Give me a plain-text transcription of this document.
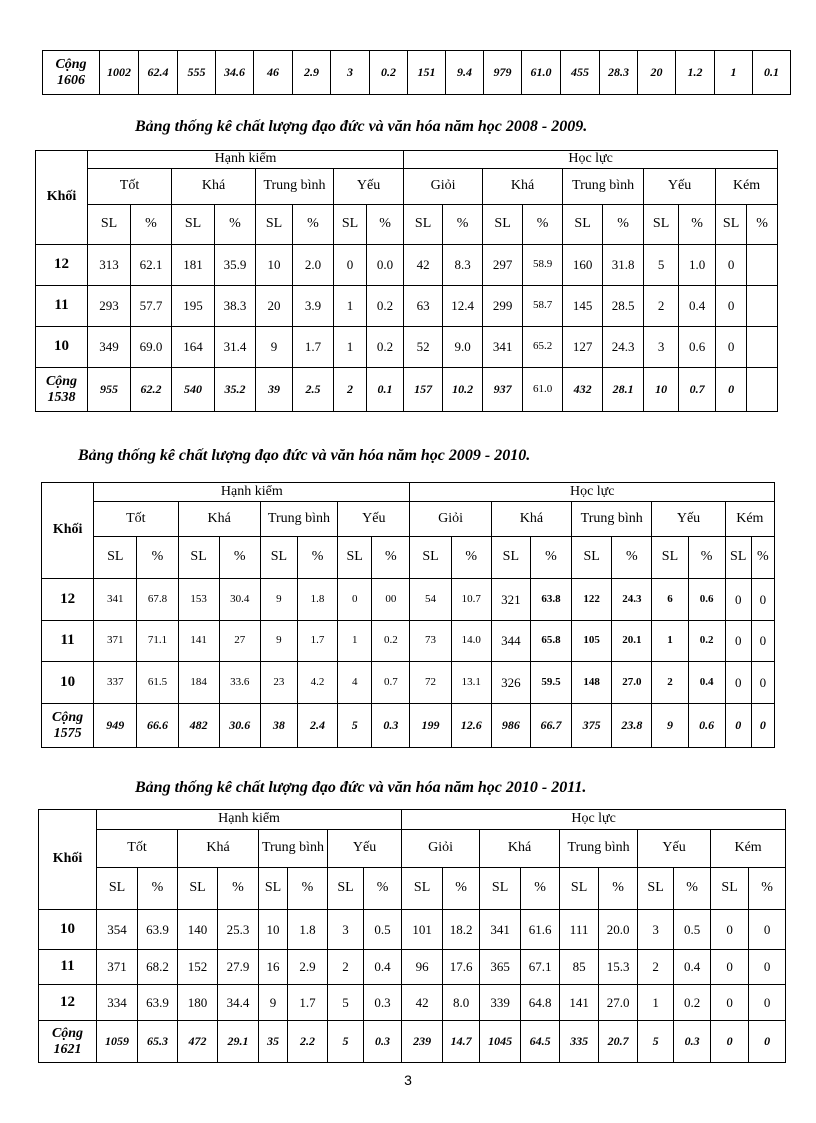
Cộng 1606	1002	62.4	555	34.6	46	2.9	3	0.2	151	9.4	979	61.0	455	28.3	20	1.2	1	0.1
Bảng thống kê chất lượng đạo đức và văn hóa năm học 2008 - 2009.
Khối	Hạnh kiểm								Học lực									
	Tốt		Khá		Trung bình		Yếu		Giỏi		Khá		Trung bình		Yếu		Kém	
	SL	%	SL	%	SL	%	SL	%	SL	%	SL	%	SL	%	SL	%	SL	%
12	313	62.1	181	35.9	10	2.0	0	0.0	42	8.3	297	58.9	160	31.8	5	1.0	0	
11	293	57.7	195	38.3	20	3.9	1	0.2	63	12.4	299	58.7	145	28.5	2	0.4	0	
10	349	69.0	164	31.4	9	1.7	1	0.2	52	9.0	341	65.2	127	24.3	3	0.6	0	
Cộng 1538	955	62.2	540	35.2	39	2.5	2	0.1	157	10.2	937	61.0	432	28.1	10	0.7	0	
Bảng thống kê chất lượng đạo đức và văn hóa năm học 2009 - 2010.
Khối	Hạnh kiểm								Học lực									
	Tốt		Khá		Trung bình		Yếu		Giỏi		Khá		Trung bình		Yếu		Kém	
	SL	%	SL	%	SL	%	SL	%	SL	%	SL	%	SL	%	SL	%	SL	%
12	341	67.8	153	30.4	9	1.8	0	00	54	10.7	321	63.8	122	24.3	6	0.6	0	0
11	371	71.1	141	27	9	1.7	1	0.2	73	14.0	344	65.8	105	20.1	1	0.2	0	0
10	337	61.5	184	33.6	23	4.2	4	0.7	72	13.1	326	59.5	148	27.0	2	0.4	0	0
Cộng 1575	949	66.6	482	30.6	38	2.4	5	0.3	199	12.6	986	66.7	375	23.8	9	0.6	0	0
Bảng thống kê chất lượng đạo đức và văn hóa năm học 2010 - 2011.
Khối	Hạnh kiểm								Học lực									
	Tốt		Khá		Trung bình		Yếu		Giỏi		Khá		Trung bình		Yếu		Kém	
	SL	%	SL	%	SL	%	SL	%	SL	%	SL	%	SL	%	SL	%	SL	%
10	354	63.9	140	25.3	10	1.8	3	0.5	101	18.2	341	61.6	111	20.0	3	0.5	0	0
11	371	68.2	152	27.9	16	2.9	2	0.4	96	17.6	365	67.1	85	15.3	2	0.4	0	0
12	334	63.9	180	34.4	9	1.7	5	0.3	42	8.0	339	64.8	141	27.0	1	0.2	0	0
Cộng 1621	1059	65.3	472	29.1	35	2.2	5	0.3	239	14.7	1045	64.5	335	20.7	5	0.3	0	0
3
